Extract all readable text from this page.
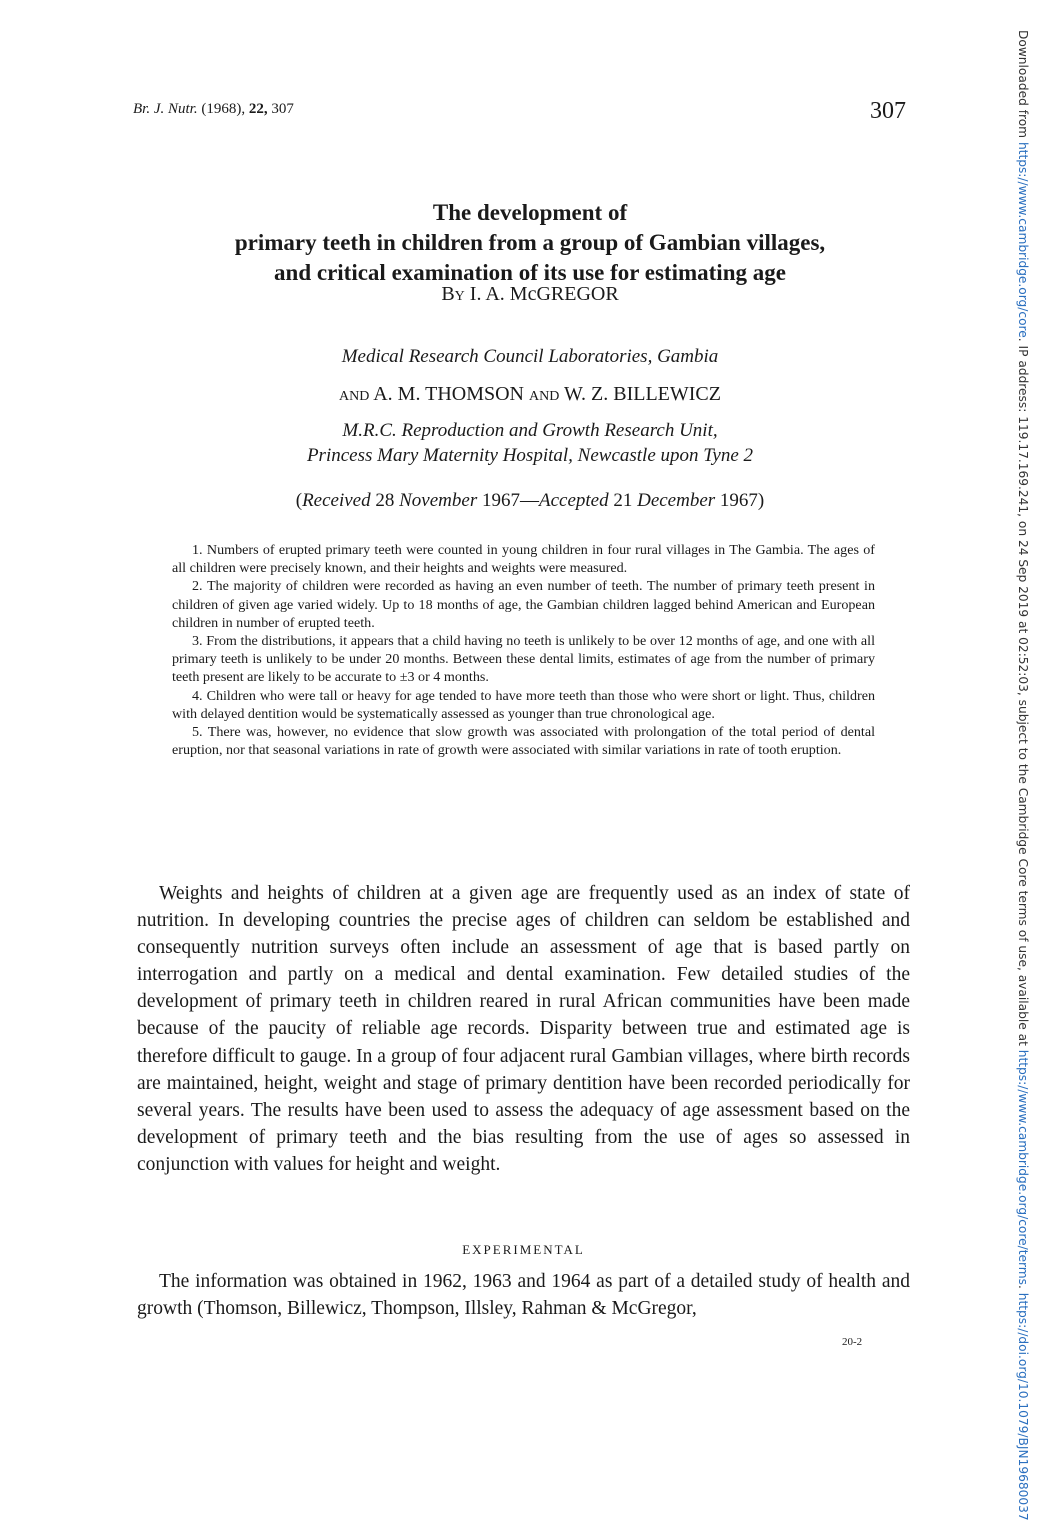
Br. J. Nutr. (1968), 22, 307	307
The development of
primary teeth in children from a group of Gambian villages,
and critical examination of its use for estimating age
By I. A. McGREGOR
Medical Research Council Laboratories, Gambia
and A. M. THOMSON and W. Z. BILLEWICZ
M.R.C. Reproduction and Growth Research Unit,
Princess Mary Maternity Hospital, Newcastle upon Tyne 2
(Received 28 November 1967—Accepted 21 December 1967)

1. Numbers of erupted primary teeth were counted in young children in four rural villages in The Gambia. The ages of all children were precisely known, and their heights and weights were measured.

2. The majority of children were recorded as having an even number of teeth. The number of primary teeth present in children of given age varied widely. Up to 18 months of age, the Gambian children lagged behind American and European children in number of erupted teeth.

3. From the distributions, it appears that a child having no teeth is unlikely to be over 12 months of age, and one with all primary teeth is unlikely to be under 20 months. Between these dental limits, estimates of age from the number of primary teeth present are likely to be accurate to ±3 or 4 months.

4. Children who were tall or heavy for age tended to have more teeth than those who were short or light. Thus, children with delayed dentition would be systematically assessed as younger than true chronological age.

5. There was, however, no evidence that slow growth was associated with prolongation of the total period of dental eruption, nor that seasonal variations in rate of growth were associated with similar variations in rate of tooth eruption.

Weights and heights of children at a given age are frequently used as an index of state of nutrition. In developing countries the precise ages of children can seldom be established and consequently nutrition surveys often include an assessment of age that is based partly on interrogation and partly on a medical and dental examination. Few detailed studies of the development of primary teeth in children reared in rural African communities have been made because of the paucity of reliable age records. Disparity between true and estimated age is therefore difficult to gauge. In a group of four adjacent rural Gambian villages, where birth records are maintained, height, weight and stage of primary dentition have been recorded periodically for several years. The results have been used to assess the adequacy of age assessment based on the development of primary teeth and the bias resulting from the use of ages so assessed in conjunction with values for height and weight.

EXPERIMENTAL

The information was obtained in 1962, 1963 and 1964 as part of a detailed study of health and growth (Thomson, Billewicz, Thompson, Illsley, Rahman & McGregor,

20-2
Downloaded from https://www.cambridge.org/core. IP address: 119.17.169.241, on 24 Sep 2019 at 02:52:03, subject to the Cambridge Core terms of use, available at https://www.cambridge.org/core/terms. https://doi.org/10.1079/BJN19680037
